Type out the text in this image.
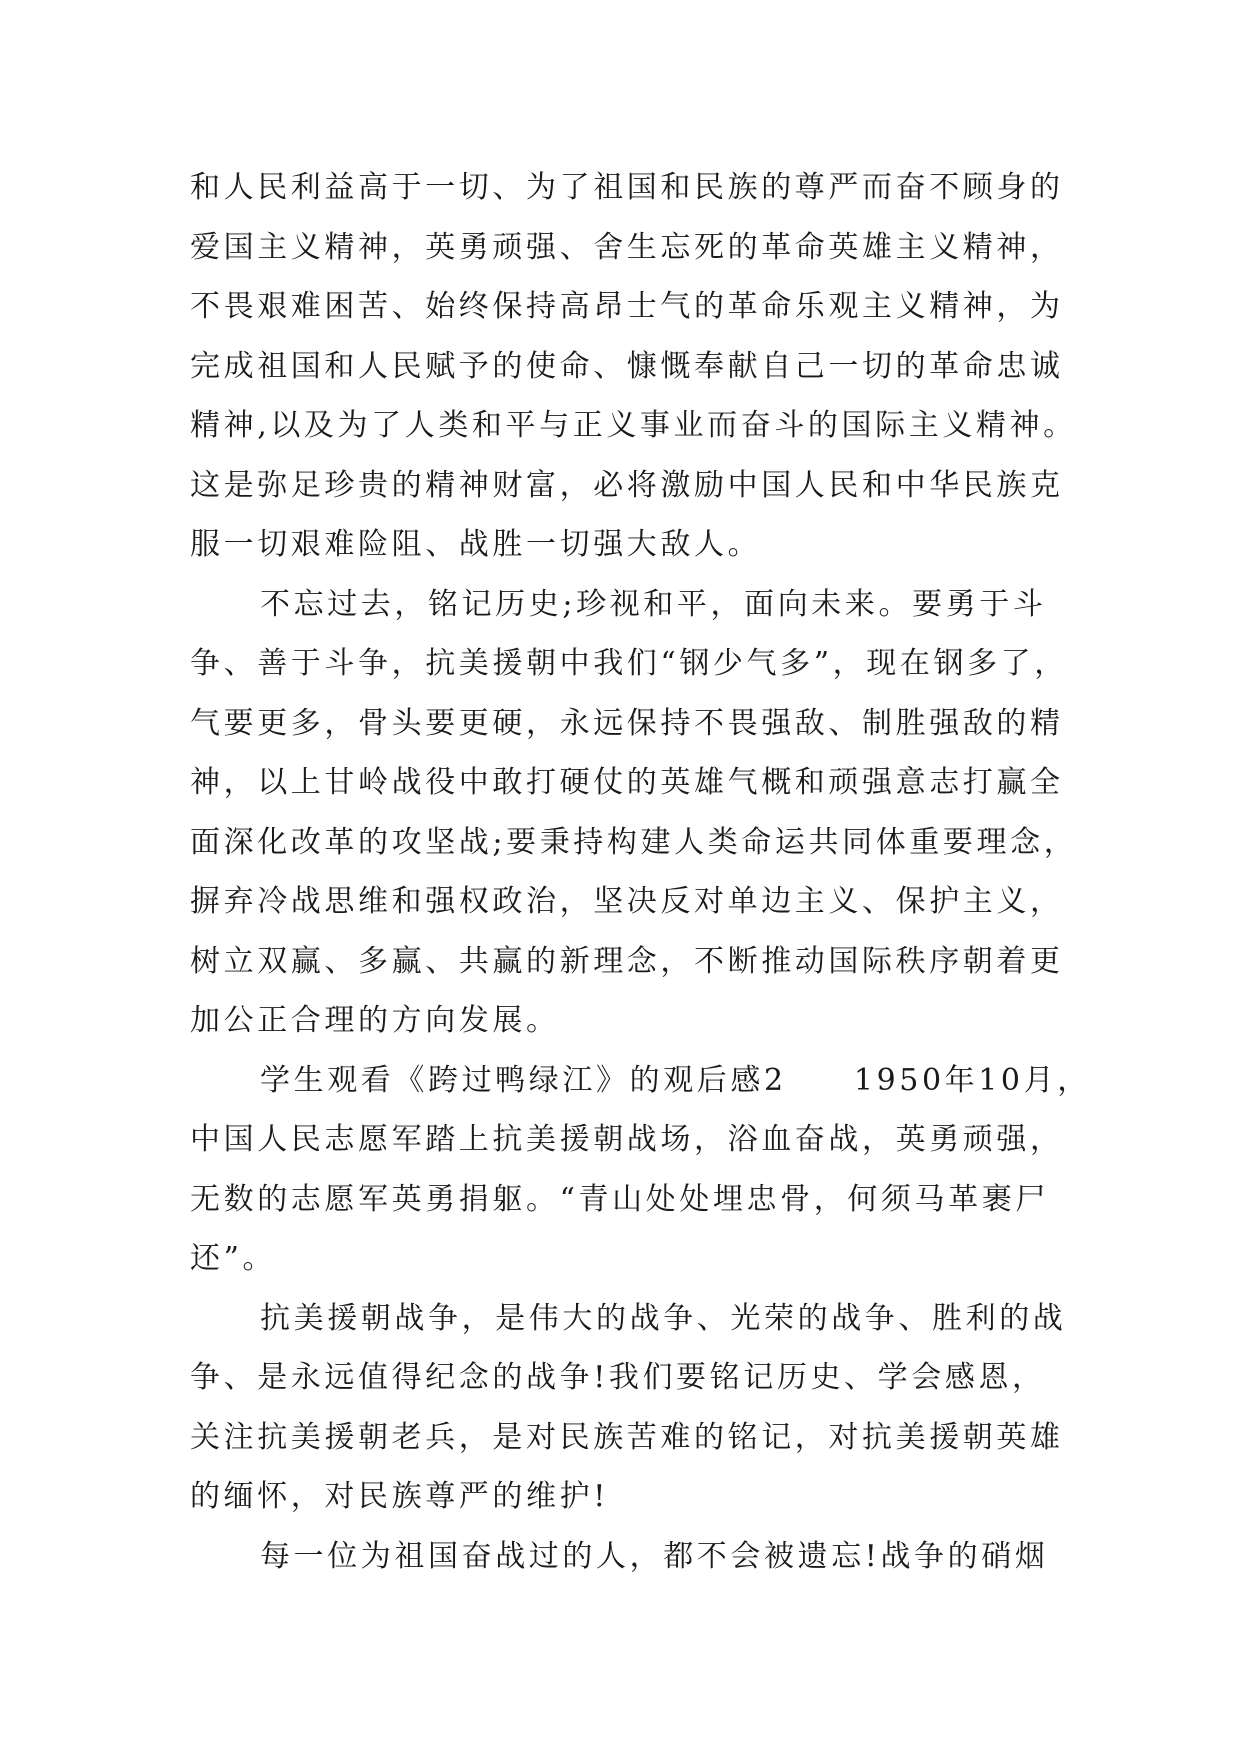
和人民利益高于一切、为了祖国和民族的尊严而奋不顾身的
爱国主义精神，英勇顽强、舍生忘死的革命英雄主义精神，
不畏艰难困苦、始终保持高昂士气的革命乐观主义精神，为
完成祖国和人民赋予的使命、慷慨奉献自己一切的革命忠诚
精神,以及为了人类和平与正义事业而奋斗的国际主义精神。
这是弥足珍贵的精神财富，必将激励中国人民和中华民族克
服一切艰难险阻、战胜一切强大敌人。
不忘过去，铭记历史;珍视和平，面向未来。要勇于斗
争、善于斗争，抗美援朝中我们“钢少气多”，现在钢多了，
气要更多，骨头要更硬，永远保持不畏强敌、制胜强敌的精
神，以上甘岭战役中敢打硬仗的英雄气概和顽强意志打赢全
面深化改革的攻坚战;要秉持构建人类命运共同体重要理念，
摒弃冷战思维和强权政治，坚决反对单边主义、保护主义，
树立双赢、多赢、共赢的新理念，不断推动国际秩序朝着更
加公正合理的方向发展。
学生观看《跨过鸭绿江》的观后感2　　1950年10月，
中国人民志愿军踏上抗美援朝战场，浴血奋战，英勇顽强，
无数的志愿军英勇捐躯。“青山处处埋忠骨，何须马革裹尸
还”。
抗美援朝战争，是伟大的战争、光荣的战争、胜利的战
争、是永远值得纪念的战争!我们要铭记历史、学会感恩，
关注抗美援朝老兵，是对民族苦难的铭记，对抗美援朝英雄
的缅怀，对民族尊严的维护!
每一位为祖国奋战过的人，都不会被遗忘!战争的硝烟
